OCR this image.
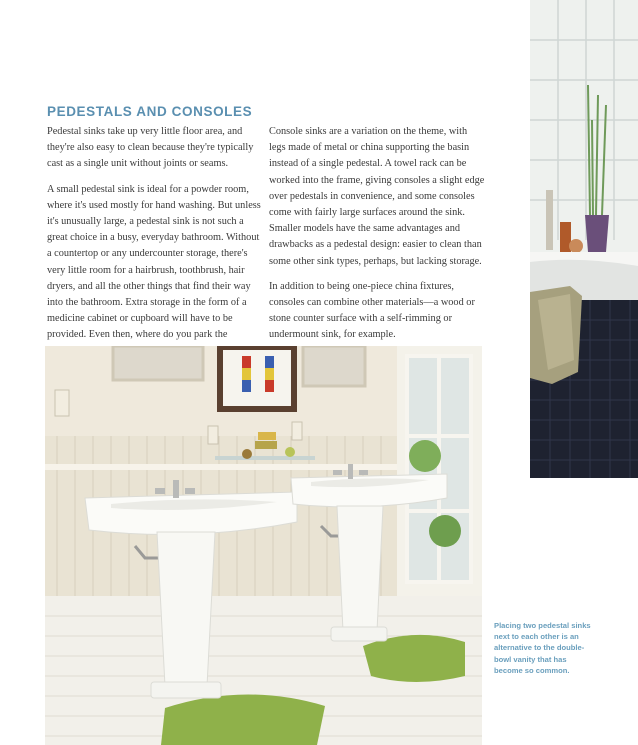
PEDESTALS AND CONSOLES

Pedestal sinks take up very little floor area, and they're also easy to clean because they're typically cast as a single unit without joints or seams.

A small pedestal sink is ideal for a powder room, where it's used mostly for hand washing. But unless it's unusually large, a pedestal sink is not such a great choice in a busy, everyday bathroom. Without a countertop or any undercounter storage, there's very little room for a hairbrush, toothbrush, hair dryers, and all the other things that find their way into the bathroom. Extra storage in the form of a medicine cabinet or cupboard will have to be provided. Even then, where do you park the

Console sinks are a variation on the theme, with legs made of metal or china supporting the basin instead of a single pedestal. A towel rack can be worked into the frame, giving consoles a slight edge over pedestals in convenience, and some consoles come with fairly large surfaces around the sink. Smaller models have the same advantages and drawbacks as a pedestal design: easier to clean than some other sink types, perhaps, but lacking storage.

In addition to being one-piece china fixtures, consoles can combine other materials—a wood or stone counter surface with a self-rimming or undermount sink, for example.

Placing two pedestal sinks next to each other is an alternative to the double-bowl vanity that has become so common.
